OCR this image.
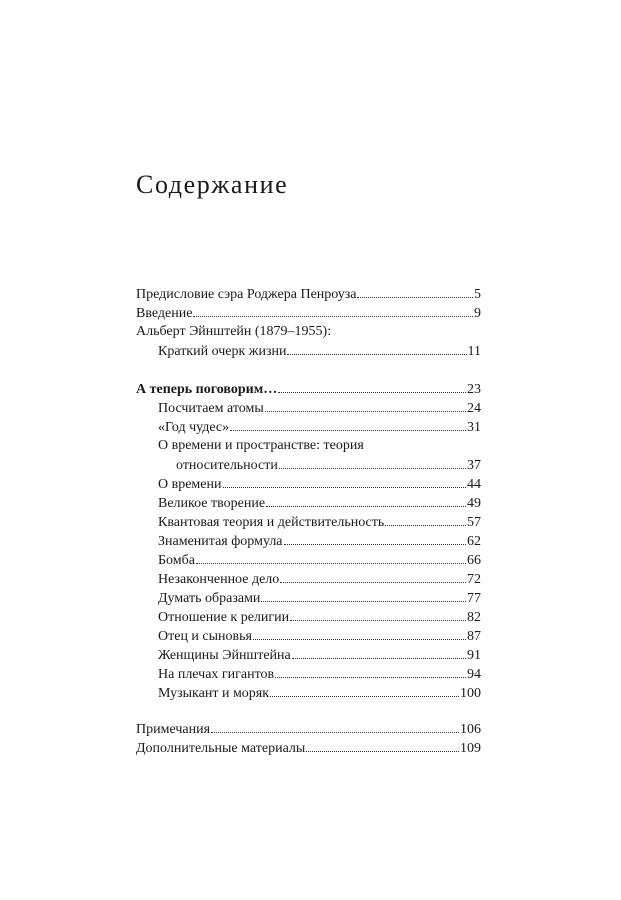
Содержание
Предисловие сэра Роджера Пенроуза	5
Введение	9
Альберт Эйнштейн (1879–1955):
Краткий очерк жизни	11
А теперь поговорим…	23
Посчитаем атомы	24
«Год чудес»	31
О времени и пространстве: теория
относительности	37
О времени	44
Великое творение	49
Квантовая теория и действительность	57
Знаменитая формула	62
Бомба	66
Незаконченное дело	72
Думать образами	77
Отношение к религии	82
Отец и сыновья	87
Женщины Эйнштейна	91
На плечах гигантов	94
Музыкант и моряк	100
Примечания	106
Дополнительные материалы	109
